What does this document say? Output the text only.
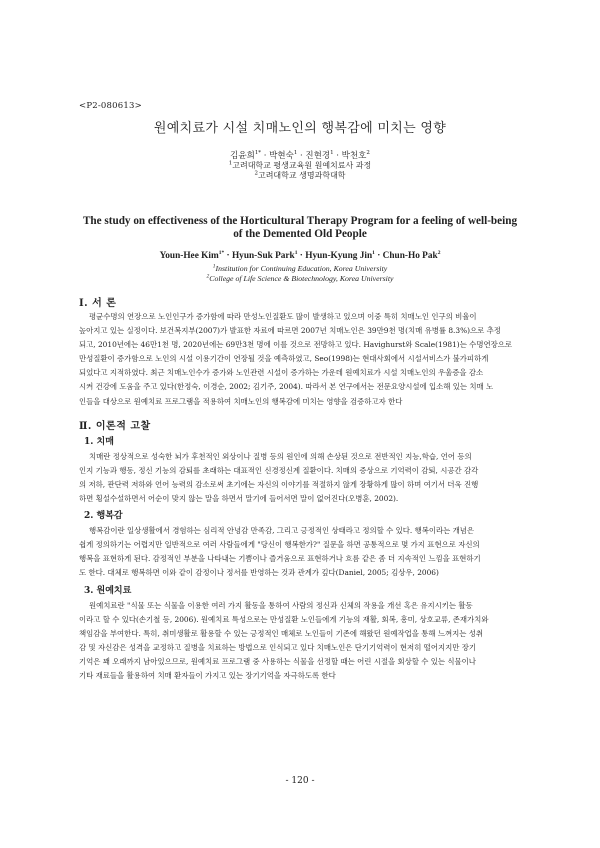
<P2-080613>
원예치료가 시설 치매노인의 행복감에 미치는 영향
김윤희$^{1*}$ · 박현숙$^1$ · 진현경$^1$ · 박천호$^2$
$^1$고려대학교 평생교육원 원예치료사 과정
$^2$고려대학교 생명과학대학
The study on effectiveness of the Horticultural Therapy Program for a feeling of well-being of the Demented Old People
Youn-Hee Kim$^{1*}$ · Hyun-Suk Park$^1$ · Hyun-Kyung Jin$^1$ · Chun-Ho Pak$^2$
$^1$Institution for Continuing Education, Korea University
$^2$College of Life Science & Biotechnology, Korea University
Ⅰ. 서 론
평균수명의 연장으로 노인인구가 증가함에 따라 만성노인질환도 많이 발생하고 있으며 이중 특히 치매노인 인구의 비율이
높아지고 있는 실정이다. 보건복지부(2007)가 발표한 자료에 따르면 2007년 치매노인은 39만9천 명(치매 유병률 8.3%)으로 추정
되고, 2010년에는 46만1천 명, 2020년에는 69만3천 명에 이를 것으로 전망하고 있다. Havighurst와 Scale(1981)는 수명연장으로
만성질환이 증가함으로 노인의 시설 이용기간이 연장될 것을 예측하였고, Seo(1998)는 현대사회에서 시설서비스가 불가피하게
되었다고 지적하였다. 최근 치매노인수가 증가와 노인관련 시설이 증가하는 가운데 원예치료가 시설 치매노인의 우울증을 감소
시켜 건강에 도움을 주고 있다(한정숙, 이경순, 2002; 김기주, 2004). 따라서 본 연구에서는 전문요양시설에 입소해 있는 치매 노
인들을 대상으로 원예치료 프로그램을 적용하여 치매노인의 행복감에 미치는 영향을 검증하고자 한다
Ⅱ. 이론적 고찰
1. 치매
치매란 정상적으로 성숙한 뇌가 후천적인 외상이나 질병 등의 원인에 의해 손상된 것으로 전반적인 지능,학습, 언어 등의
인지 기능과 행동, 정신 기능의 감퇴를 초래하는 대표적인 신경정신계 질환이다. 치매의 증상으로 기억력이 감퇴, 시공간 감각
의 저하, 판단력 저하와 언어 능력의 감소로써 초기에는 자신의 이야기를 적절하지 않게 장황하게 많이 하며 여기서 더욱 진행
하면 횡설수설하면서 어순이 맞지 않는 말을 하면서 말기에 들어서면 말이 없어진다(오병훈, 2002).
2. 행복감
행복감이란 일상생활에서 경험하는 심리적 안녕감 만족감, 그리고 긍정적인 상태라고 정의할 수 있다. 행복이라는 개념은
쉽게 정의하기는 어렵지만 일반적으로 여러 사람들에게 "당신이 행복한가?" 질문을 하면 공통적으로 몇 가지 표현으로 자신의
행복을 표현하게 된다. 감정적인 부분을 나타내는 기쁨이나 즐거움으로 표현하거나 흐름 같은 좀 더 지속적인 느낌을 표현하기
도 한다. 대체로 행복하면 이와 같이 감정이나 정서를 반영하는 것과 관계가 깊다(Daniel, 2005; 김상우, 2006)
3. 원예치료
원예치료란 "식물 또는 식물을 이용한 여러 가지 활동을 통하여 사람의 정신과 신체의 작용을 개선 혹은 유지시키는 활동
이라고 할 수 있다(손기철 등, 2006). 원예치료 특성으로는 만성질환 노인들에게 기능의 재활, 회복, 흥미, 상호교류, 존재가치와
책임감을 부여한다. 특히, 취미생활로 활용할 수 있는 긍정적인 매체로 노인들이 기존에 해왔던 원예작업을 통해 느껴지는 성취
감 및 자신감은 성격을 교정하고 질병을 치료하는 방법으로 인식되고 있다 치매노인은 단기기억력이 현저히 떨어지지만 장기
기억은 꽤 오래까지 남아있으므로, 원예치료 프로그램 중 사용하는 식물을 선정할 때는 어린 시절을 회상할 수 있는 식물이나
기타 재료들을 활용하여 치매 환자들이 가지고 있는 장기기억을 자극하도록 한다
- 120 -
